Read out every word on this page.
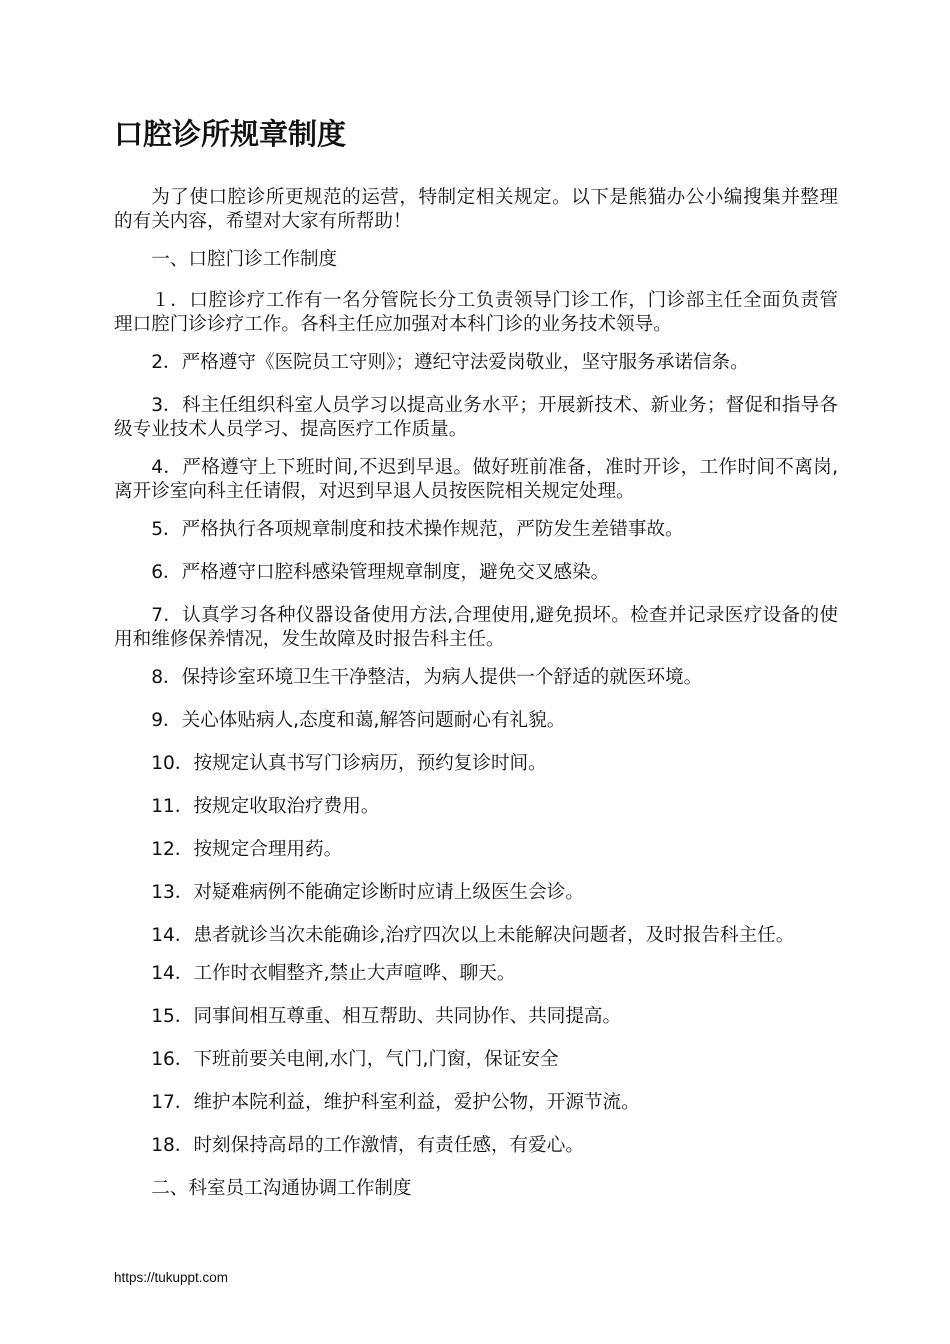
口腔诊所规章制度

为了使口腔诊所更规范的运营，特制定相关规定。以下是熊猫办公小编搜集并整理的有关内容，希望对大家有所帮助！

一、口腔门诊工作制度

１．口腔诊疗工作有一名分管院长分工负责领导门诊工作，门诊部主任全面负责管理口腔门诊诊疗工作。各科主任应加强对本科门诊的业务技术领导。

2．严格遵守《医院员工守则》；遵纪守法爱岗敬业，坚守服务承诺信条。

3．科主任组织科室人员学习以提高业务水平；开展新技术、新业务；督促和指导各级专业技术人员学习、提高医疗工作质量。

4．严格遵守上下班时间,不迟到早退。做好班前准备，准时开诊，工作时间不离岗,离开诊室向科主任请假，对迟到早退人员按医院相关规定处理。

5．严格执行各项规章制度和技术操作规范，严防发生差错事故。

6．严格遵守口腔科感染管理规章制度，避免交叉感染。

7．认真学习各种仪器设备使用方法,合理使用,避免损坏。检查并记录医疗设备的使用和维修保养情况，发生故障及时报告科主任。

8．保持诊室环境卫生干净整洁，为病人提供一个舒适的就医环境。

9．关心体贴病人,态度和蔼,解答问题耐心有礼貌。

10．按规定认真书写门诊病历，预约复诊时间。

11．按规定收取治疗费用。

12．按规定合理用药。

13．对疑难病例不能确定诊断时应请上级医生会诊。

14．患者就诊当次未能确诊,治疗四次以上未能解决问题者，及时报告科主任。

14．工作时衣帽整齐,禁止大声喧哗、聊天。

15．同事间相互尊重、相互帮助、共同协作、共同提高。

16．下班前要关电闸,水门，气门,门窗，保证安全

17．维护本院利益，维护科室利益，爱护公物，开源节流。

18．时刻保持高昂的工作激情，有责任感，有爱心。

二、科室员工沟通协调工作制度

https://tukuppt.com
